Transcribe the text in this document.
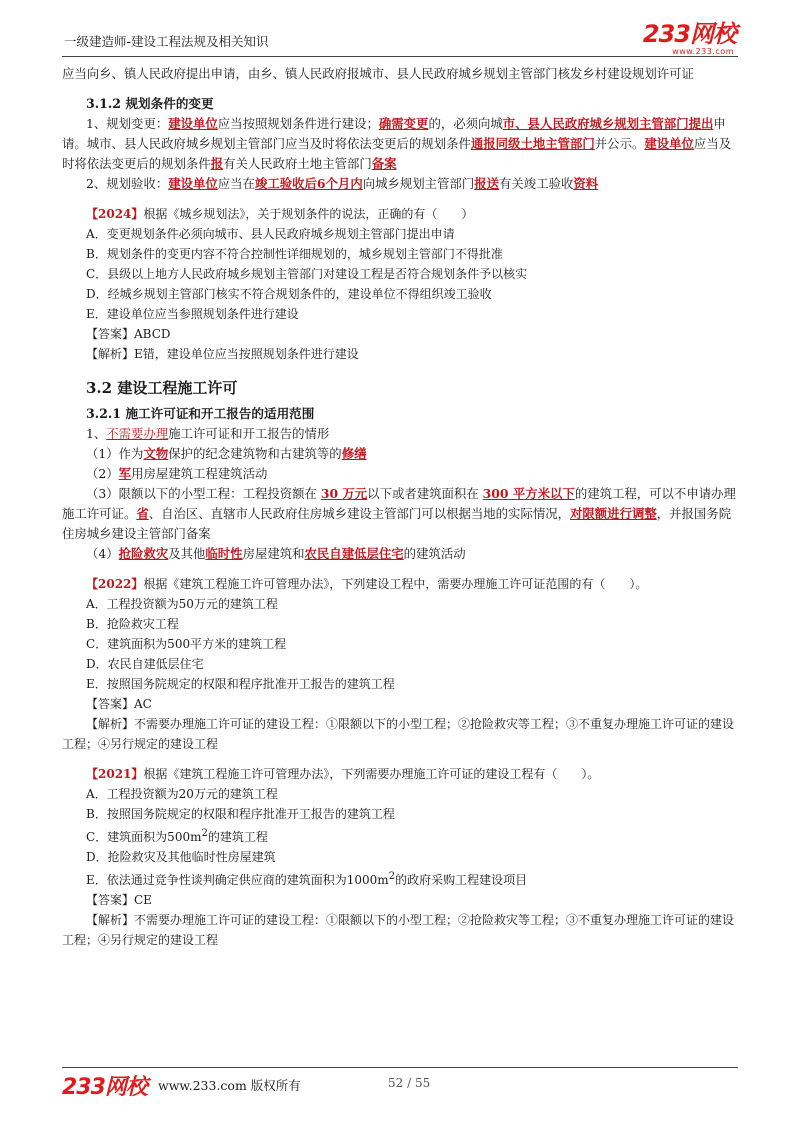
一级建造师-建设工程法规及相关知识	233网校
www.233.com

应当向乡、镇人民政府提出申请，由乡、镇人民政府报城市、县人民政府城乡规划主管部门核发乡村建设规划许可证

3.1.2 规划条件的变更

1、规划变更：建设单位应当按照规划条件进行建设；确需变更的，必须向城市、县人民政府城乡规划主管部门提出申请。城市、县人民政府城乡规划主管部门应当及时将依法变更后的规划条件通报同级土地主管部门并公示。建设单位应当及时将依法变更后的规划条件报有关人民政府土地主管部门备案

2、规划验收：建设单位应当在竣工验收后6个月内向城乡规划主管部门报送有关竣工验收资料

【2024】根据《城乡规划法》，关于规划条件的说法，正确的有（　　）

A．变更规划条件必须向城市、县人民政府城乡规划主管部门提出申请

B．规划条件的变更内容不符合控制性详细规划的，城乡规划主管部门不得批准

C．县级以上地方人民政府城乡规划主管部门对建设工程是否符合规划条件予以核实

D．经城乡规划主管部门核实不符合规划条件的，建设单位不得组织竣工验收

E．建设单位应当参照规划条件进行建设

【答案】ABCD

【解析】E错，建设单位应当按照规划条件进行建设

3.2 建设工程施工许可

3.2.1 施工许可证和开工报告的适用范围

1、不需要办理施工许可证和开工报告的情形

（1）作为文物保护的纪念建筑物和古建筑等的修缮

（2）军用房屋建筑工程建筑活动

（3）限额以下的小型工程：工程投资额在 30 万元以下或者建筑面积在 300 平方米以下的建筑工程，可以不申请办理施工许可证。省、自治区、直辖市人民政府住房城乡建设主管部门可以根据当地的实际情况，对限额进行调整，并报国务院住房城乡建设主管部门备案

（4）抢险救灾及其他临时性房屋建筑和农民自建低层住宅的建筑活动

【2022】根据《建筑工程施工许可管理办法》，下列建设工程中，需要办理施工许可证范围的有（　　）。

A．工程投资额为50万元的建筑工程

B．抢险救灾工程

C．建筑面积为500平方米的建筑工程

D．农民自建低层住宅

E．按照国务院规定的权限和程序批准开工报告的建筑工程

【答案】AC

【解析】不需要办理施工许可证的建设工程：①限额以下的小型工程；②抢险救灾等工程；③不重复办理施工许可证的建设工程；④另行规定的建设工程

【2021】根据《建筑工程施工许可管理办法》，下列需要办理施工许可证的建设工程有（　　）。

A．工程投资额为20万元的建筑工程

B．按照国务院规定的权限和程序批准开工报告的建筑工程

C．建筑面积为$500m^2$的建筑工程

D．抢险救灾及其他临时性房屋建筑

E．依法通过竞争性谈判确定供应商的建筑面积为$1000m^2$的政府采购工程建设项目

【答案】CE

【解析】不需要办理施工许可证的建设工程：①限额以下的小型工程；②抢险救灾等工程；③不重复办理施工许可证的建设工程；④另行规定的建设工程

233网校 www.233.com 版权所有	52 / 55
